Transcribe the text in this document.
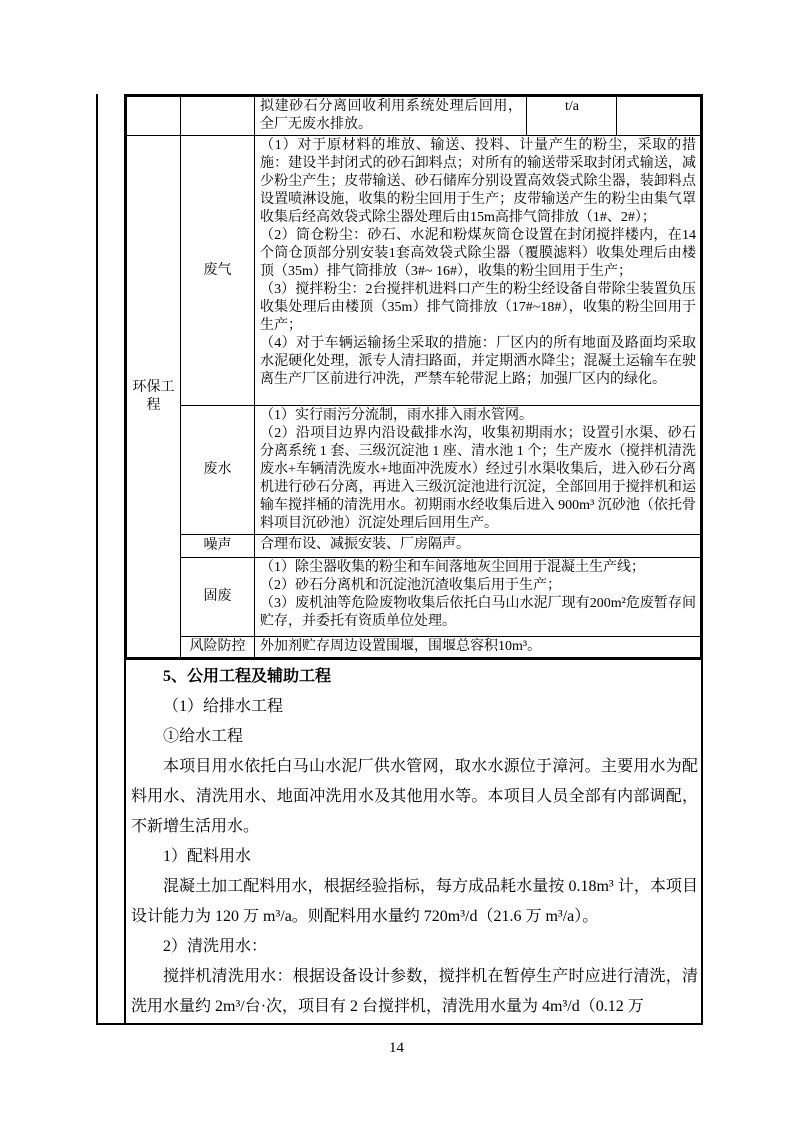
		拟建砂石分离回收利用系统处理后回用，全厂无废水排放。	t/a	
环保工程	废气	（1）对于原材料的堆放、输送、投料、计量产生的粉尘，采取的措施：建设半封闭式的砂石卸料点；对所有的输送带采取封闭式输送，减少粉尘产生；皮带输送、砂石储库分别设置高效袋式除尘器，装卸料点设置喷淋设施，收集的粉尘回用于生产；皮带输送产生的粉尘由集气罩收集后经高效袋式除尘器处理后由15m高排气筒排放（1#、2#）；
（2）筒仓粉尘：砂石、水泥和粉煤灰筒仓设置在封闭搅拌楼内，在14个筒仓顶部分别安装1套高效袋式除尘器（覆膜滤料）收集处理后由楼顶（35m）排气筒排放（3#~ 16#），收集的粉尘回用于生产；
（3）搅拌粉尘：2台搅拌机进料口产生的粉尘经设备自带除尘装置负压收集处理后由楼顶（35m）排气筒排放（17#~18#），收集的粉尘回用于生产；
（4）对于车辆运输扬尘采取的措施：厂区内的所有地面及路面均采取水泥硬化处理，派专人清扫路面，并定期洒水降尘；混凝土运输车在驶离生产厂区前进行冲洗，严禁车轮带泥上路；加强厂区内的绿化。		

	废水	（1）实行雨污分流制，雨水排入雨水管网。
（2）沿项目边界内沿设截排水沟，收集初期雨水；设置引水渠、砂石分离系统 1 套、三级沉淀池 1 座、清水池 1 个；生产废水（搅拌机清洗废水+车辆清洗废水+地面冲洗废水）经过引水渠收集后，进入砂石分离机进行砂石分离，再进入三级沉淀池进行沉淀，全部回用于搅拌机和运输车搅拌桶的清洗用水。初期雨水经收集后进入 900m³ 沉砂池（依托骨料项目沉砂池）沉淀处理后回用生产。		

	噪声	合理布设、减振安装、厂房隔声。		

	固废	（1）除尘器收集的粉尘和车间落地灰尘回用于混凝土生产线；
（2）砂石分离机和沉淀池沉渣收集后用于生产；
（3）废机油等危险废物收集后依托白马山水泥厂现有200m²危废暂存间贮存，并委托有资质单位处理。		

	风险防控	外加剂贮存周边设置围堰，围堰总容积10m³。		

5、公用工程及辅助工程

（1）给排水工程

①给水工程

本项目用水依托白马山水泥厂供水管网，取水水源位于漳河。主要用水为配料用水、清洗用水、地面冲洗用水及其他用水等。本项目人员全部有内部调配，不新增生活用水。

1）配料用水

混凝土加工配料用水，根据经验指标，每方成品耗水量按 0.18m³ 计，本项目设计能力为 120 万 m³/a。则配料用水量约 720m³/d（21.6 万 m³/a）。

2）清洗用水：

搅拌机清洗用水：根据设备设计参数，搅拌机在暂停生产时应进行清洗，清洗用水量约 2m³/台·次，项目有 2 台搅拌机，清洗用水量为 4m³/d（0.12 万

14
